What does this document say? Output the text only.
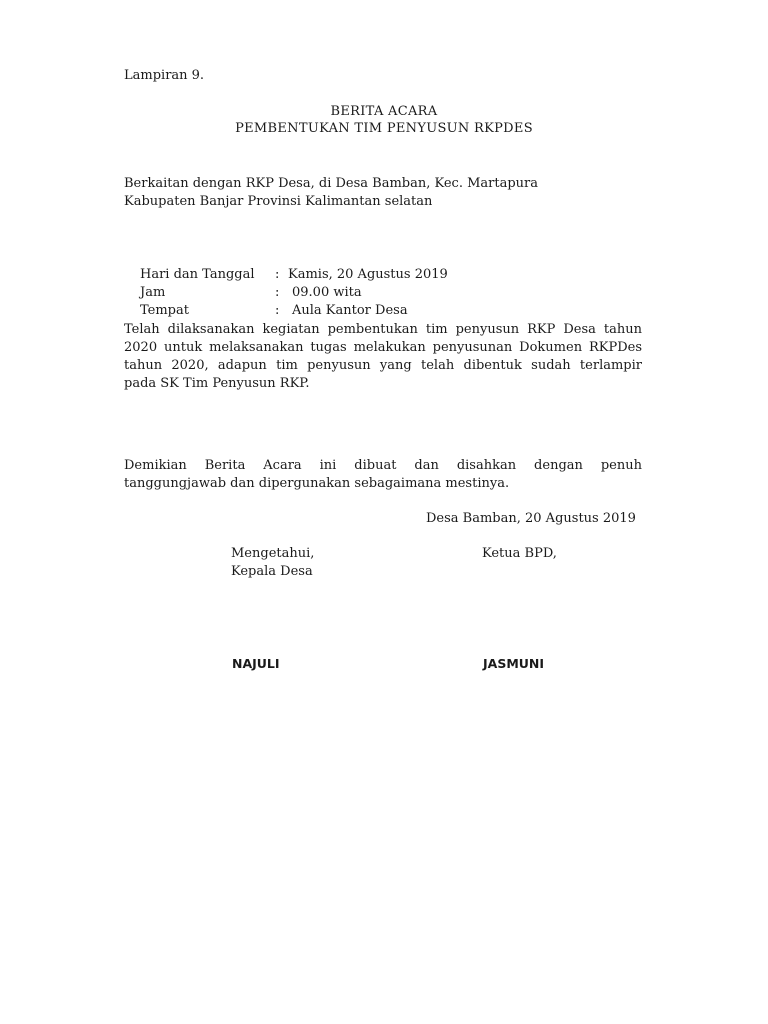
Lampiran 9.
BERITA ACARA
PEMBENTUKAN TIM PENYUSUN RKPDES
Berkaitan dengan RKP Desa, di Desa Bamban, Kec. Martapura
Kabupaten Banjar Provinsi Kalimantan selatan
Hari dan Tanggal : Kamis, 20 Agustus 2019
Jam	: 09.00 wita
Tempat	: Aula Kantor Desa
Telah dilaksanakan kegiatan pembentukan tim penyusun RKP Desa tahun
2020 untuk melaksanakan tugas melakukan penyusunan Dokumen RKPDes
tahun 2020, adapun tim penyusun yang telah dibentuk sudah terlampir
pada SK Tim Penyusun RKP.
Demikian Berita Acara ini dibuat dan disahkan dengan penuh
tanggungjawab dan dipergunakan sebagaimana mestinya.
Desa Bamban, 20 Agustus 2019
Mengetahui,
Kepala Desa
Ketua BPD,
NAJULI	JASMUNI
